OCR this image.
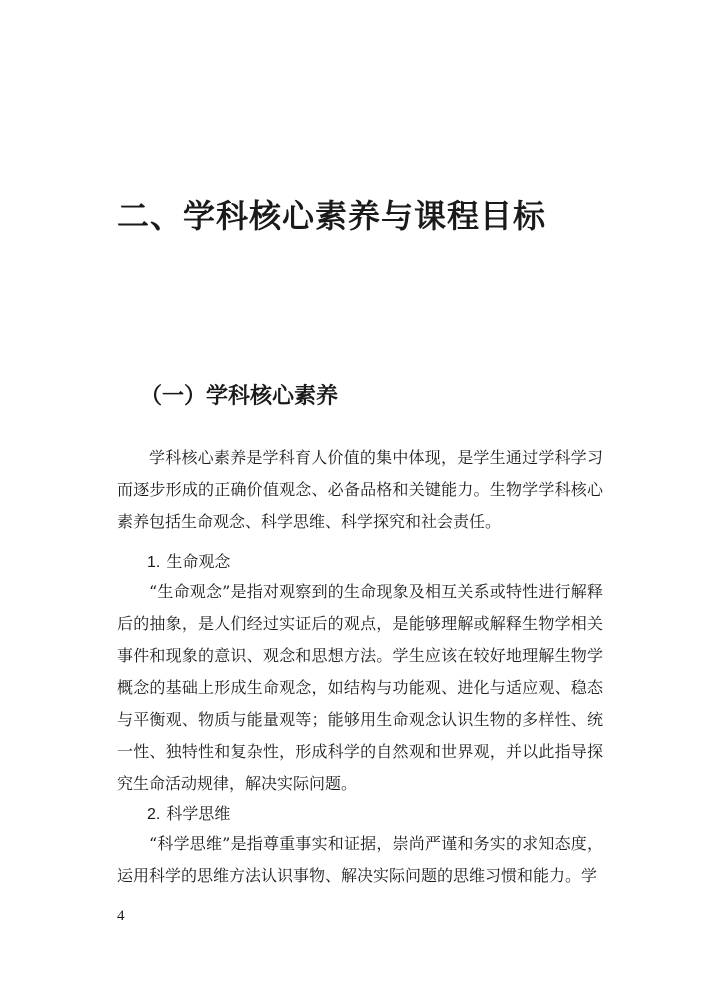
二、学科核心素养与课程目标
（一）学科核心素养

学科核心素养是学科育人价值的集中体现，是学生通过学科学习而逐步形成的正确价值观念、必备品格和关键能力。生物学学科核心素养包括生命观念、科学思维、科学探究和社会责任。

1. 生命观念

“生命观念”是指对观察到的生命现象及相互关系或特性进行解释后的抽象，是人们经过实证后的观点，是能够理解或解释生物学相关事件和现象的意识、观念和思想方法。学生应该在较好地理解生物学概念的基础上形成生命观念，如结构与功能观、进化与适应观、稳态与平衡观、物质与能量观等；能够用生命观念认识生物的多样性、统一性、独特性和复杂性，形成科学的自然观和世界观，并以此指导探究生命活动规律，解决实际问题。

2. 科学思维

“科学思维”是指尊重事实和证据，崇尚严谨和务实的求知态度，运用科学的思维方法认识事物、解决实际问题的思维习惯和能力。学

4
